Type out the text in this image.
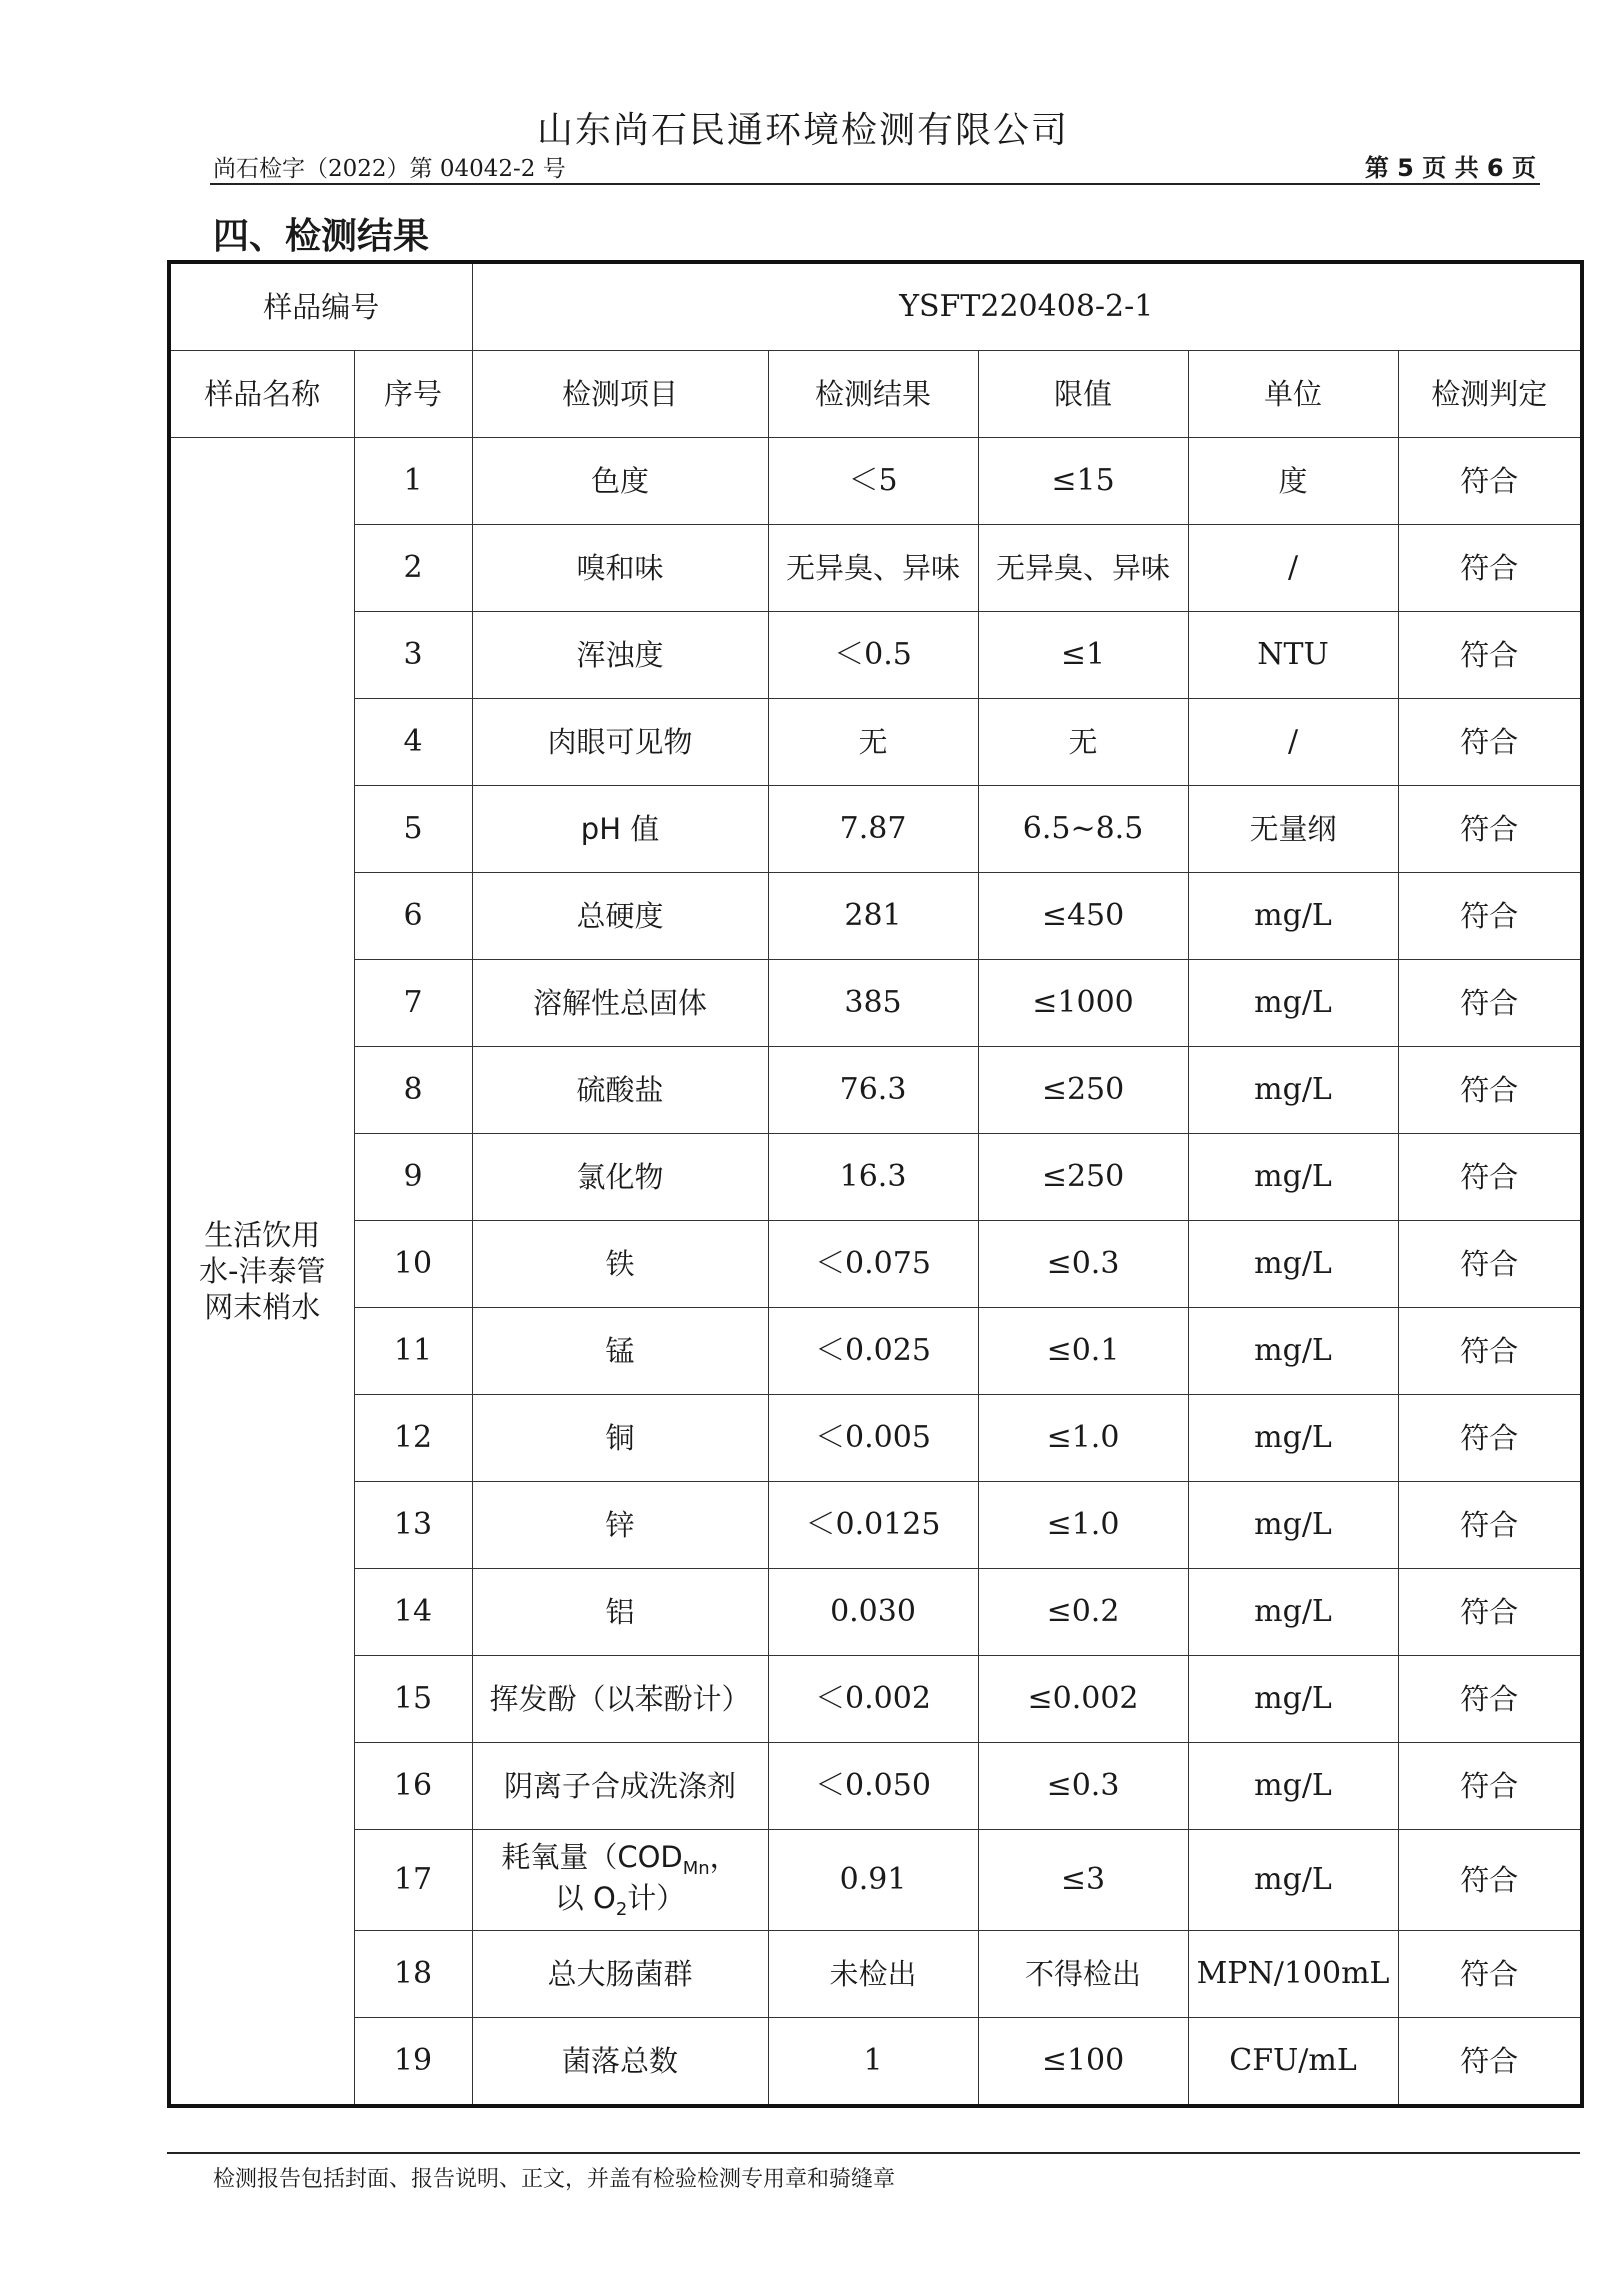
山东尚石民通环境检测有限公司
尚石检字（2022）第 04042-2 号	第 5 页 共 6 页
四、检测结果
样品编号		YSFT220408-2-1				
样品名称	序号	检测项目	检测结果	限值	单位	检测判定
生活饮用
水-沣泰管
网末梢水	1	色度	＜5	≤15	度	符合
	2	嗅和味	无异臭、异味	无异臭、异味	/	符合
	3	浑浊度	＜0.5	≤1	NTU	符合
	4	肉眼可见物	无	无	/	符合
	5	pH 值	7.87	6.5~8.5	无量纲	符合
	6	总硬度	281	≤450	mg/L	符合
	7	溶解性总固体	385	≤1000	mg/L	符合
	8	硫酸盐	76.3	≤250	mg/L	符合
	9	氯化物	16.3	≤250	mg/L	符合
	10	铁	＜0.075	≤0.3	mg/L	符合
	11	锰	＜0.025	≤0.1	mg/L	符合
	12	铜	＜0.005	≤1.0	mg/L	符合
	13	锌	＜0.0125	≤1.0	mg/L	符合
	14	铝	0.030	≤0.2	mg/L	符合
	15	挥发酚（以苯酚计）	＜0.002	≤0.002	mg/L	符合
	16	阴离子合成洗涤剂	＜0.050	≤0.3	mg/L	符合
	17	耗氧量（$COD_{Mn}$，
以 $O_2$计）	0.91	≤3	mg/L	符合
	18	总大肠菌群	未检出	不得检出	MPN/100mL	符合
	19	菌落总数	1	≤100	CFU/mL	符合
检测报告包括封面、报告说明、正文，并盖有检验检测专用章和骑缝章
